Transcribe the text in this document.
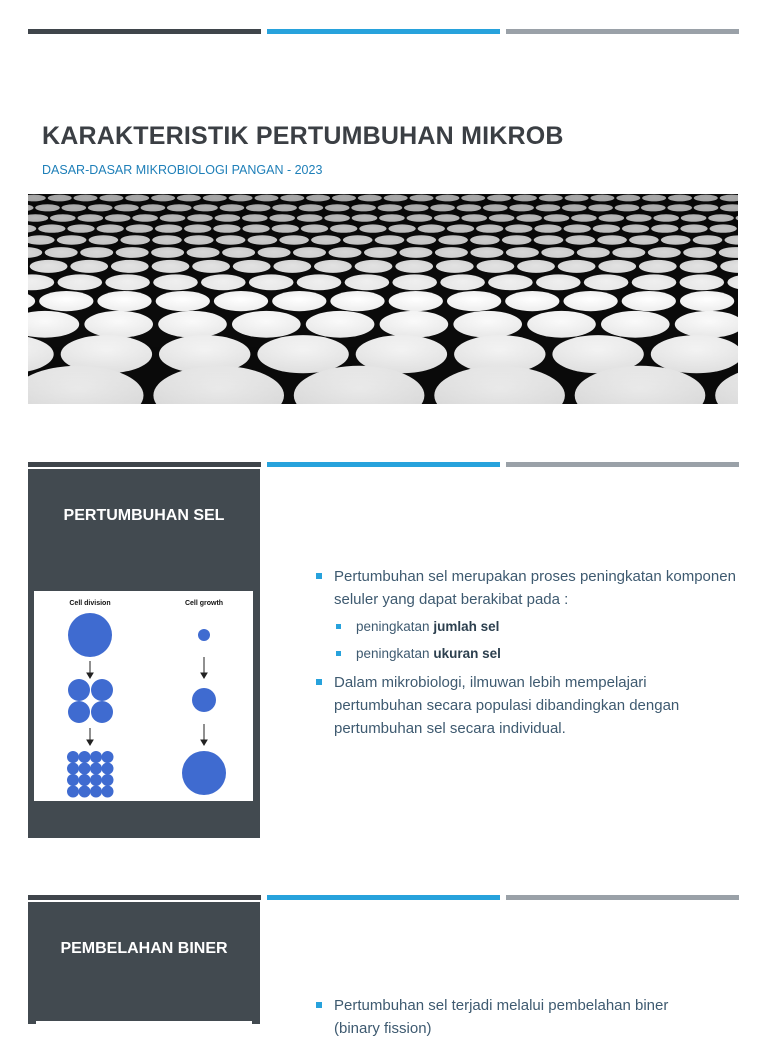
KARAKTERISTIK PERTUMBUHAN MIKROB

DASAR-DASAR MIKROBIOLOGI PANGAN - 2023

PERTUMBUHAN SEL
Cell division	Cell growth
Pertumbuhan sel merupakan proses peningkatan komponen seluler yang dapat berakibat pada :
peningkatan jumlah sel
peningkatan ukuran sel
Dalam mikrobiologi, ilmuwan lebih mempelajari pertumbuhan secara populasi dibandingkan dengan pertumbuhan sel secara individual.
PEMBELAHAN BINER
Pertumbuhan sel terjadi melalui pembelahan biner (binary fission)
